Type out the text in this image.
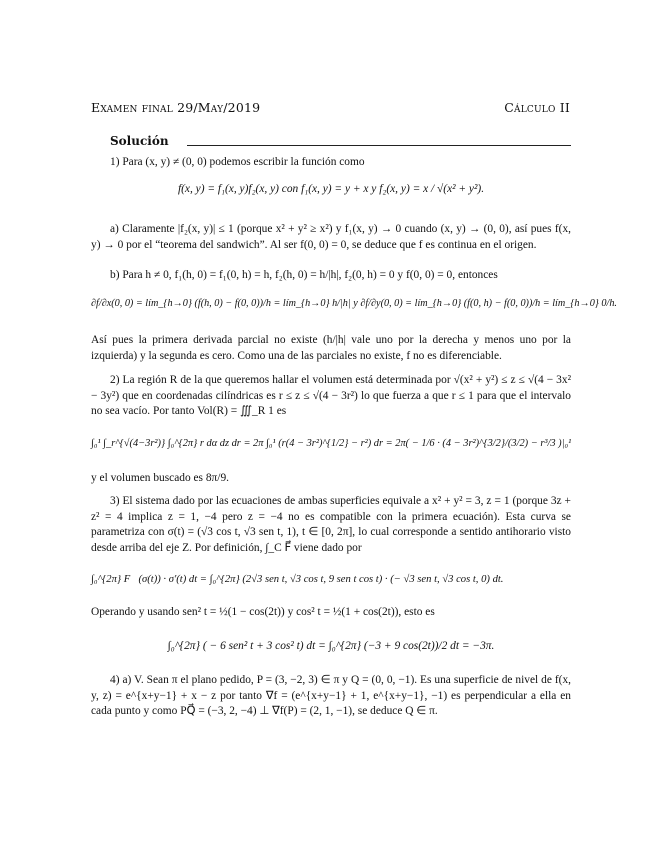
Examen final 29/May/2019	Cálculo II
Solución
1) Para (x, y) ≠ (0, 0) podemos escribir la función como
f(x, y) = f₁(x, y)f₂(x, y) con f₁(x, y) = y + x y f₂(x, y) = x / √(x² + y²).
a) Claramente |f₂(x, y)| ≤ 1 (porque x² + y² ≥ x²) y f₁(x, y) → 0 cuando (x, y) → (0, 0), así pues f(x, y) → 0 por el “teorema del sandwich”. Al ser f(0, 0) = 0, se deduce que f es continua en el origen.
b) Para h ≠ 0, f₁(h, 0) = f₁(0, h) = h, f₂(h, 0) = h/|h|, f₂(0, h) = 0 y f(0, 0) = 0, entonces
∂f/∂x(0, 0) = lím_{h→0} (f(h, 0) − f(0, 0))/h = lím_{h→0} h/|h| y ∂f/∂y(0, 0) = lím_{h→0} (f(0, h) − f(0, 0))/h = lím_{h→0} 0/h.
Así pues la primera derivada parcial no existe (h/|h| vale uno por la derecha y menos uno por la izquierda) y la segunda es cero. Como una de las parciales no existe, f no es diferenciable.
2) La región R de la que queremos hallar el volumen está determinada por √(x² + y²) ≤ z ≤ √(4 − 3x² − 3y²) que en coordenadas cilíndricas es r ≤ z ≤ √(4 − 3r²) lo que fuerza a que r ≤ 1 para que el intervalo no sea vacío. Por tanto Vol(R) = ∭_R 1 es
∫₀¹ ∫_r^{√(4−3r²)} ∫₀^{2π} r dα dz dr = 2π ∫₀¹ (r(4 − 3r²)^{1/2} − r²) dr = 2π( − 1/6 · (4 − 3r²)^{3/2}/(3/2) − r³/3 )|₀¹
y el volumen buscado es 8π/9.
3) El sistema dado por las ecuaciones de ambas superficies equivale a x² + y² = 3, z = 1 (porque 3z + z² = 4 implica z = 1, −4 pero z = −4 no es compatible con la primera ecuación). Esta curva se parametriza con σ(t) = (√3 cos t, √3 sen t, 1), t ∈ [0, 2π], lo cual corresponde a sentido antihorario visto desde arriba del eje Z. Por definición, ∫_C F⃗ viene dado por
∫₀^{2π} F⃗(σ(t)) · σ′(t) dt = ∫₀^{2π} (2√3 sen t, √3 cos t, 9 sen t cos t) · (− √3 sen t, √3 cos t, 0) dt.
Operando y usando sen² t = ½(1 − cos(2t)) y cos² t = ½(1 + cos(2t)), esto es
∫₀^{2π} ( − 6 sen² t + 3 cos² t) dt = ∫₀^{2π} (−3 + 9 cos(2t))/2 dt = −3π.
4) a) V. Sean π el plano pedido, P = (3, −2, 3) ∈ π y Q = (0, 0, −1). Es una superficie de nivel de f(x, y, z) = e^{x+y−1} + x − z por tanto ∇f = (e^{x+y−1} + 1, e^{x+y−1}, −1) es perpendicular a ella en cada punto y como PQ⃗ = (−3, 2, −4) ⊥ ∇f(P) = (2, 1, −1), se deduce Q ∈ π.
